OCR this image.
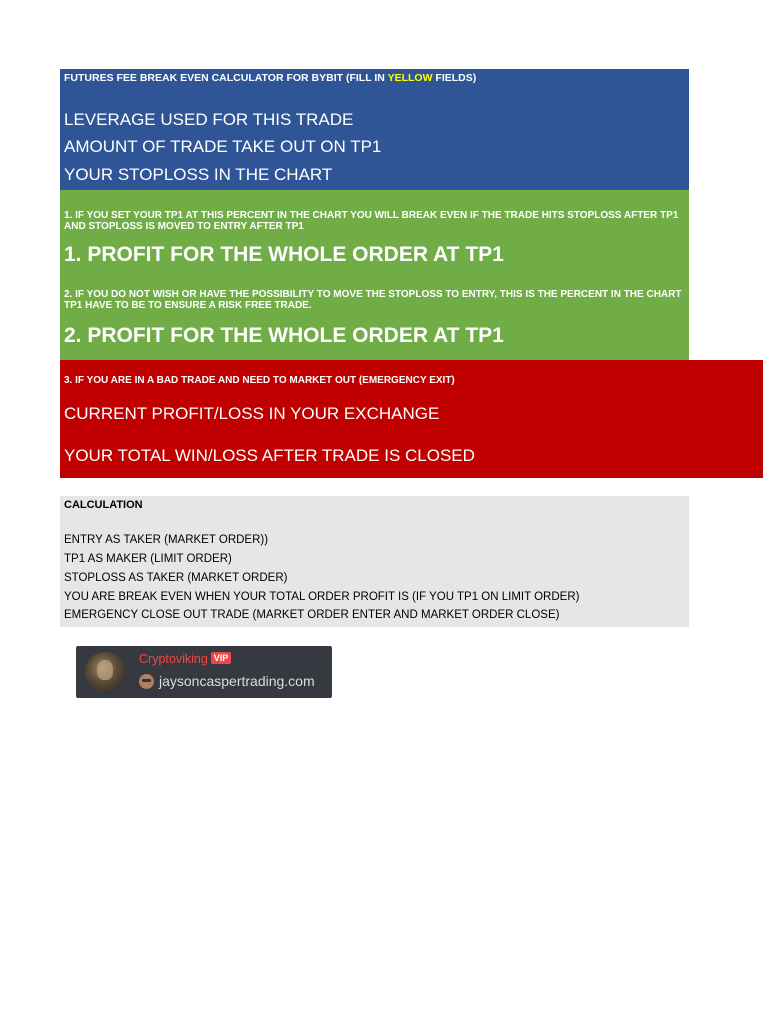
FUTURES FEE BREAK EVEN CALCULATOR FOR BYBIT (FILL IN YELLOW FIELDS)
LEVERAGE USED FOR THIS TRADE
AMOUNT OF TRADE TAKE OUT ON TP1
YOUR STOPLOSS IN THE CHART
1. IF YOU SET YOUR TP1 AT THIS PERCENT IN THE CHART YOU WILL BREAK EVEN IF THE TRADE HITS STOPLOSS AFTER TP1 AND STOPLOSS IS MOVED TO ENTRY AFTER TP1
1. PROFIT FOR THE WHOLE ORDER AT TP1
2. IF YOU DO NOT WISH OR HAVE THE POSSIBILITY TO MOVE THE STOPLOSS TO ENTRY, THIS IS THE PERCENT IN THE CHART TP1 HAVE TO BE TO ENSURE A RISK FREE TRADE.
2. PROFIT FOR THE WHOLE ORDER AT TP1
3. IF YOU ARE IN A BAD TRADE AND NEED TO MARKET OUT (EMERGENCY EXIT)
CURRENT PROFIT/LOSS IN YOUR EXCHANGE
YOUR TOTAL WIN/LOSS AFTER TRADE IS CLOSED
CALCULATION
ENTRY AS TAKER (MARKET ORDER))
TP1 AS MAKER (LIMIT ORDER)
STOPLOSS AS TAKER (MARKET ORDER)
YOU ARE BREAK EVEN WHEN YOUR TOTAL ORDER PROFIT IS (IF YOU TP1 ON LIMIT ORDER)
EMERGENCY CLOSE OUT TRADE (MARKET ORDER ENTER AND MARKET ORDER CLOSE)
Cryptoviking VIP
jaysoncaspertrading.com
